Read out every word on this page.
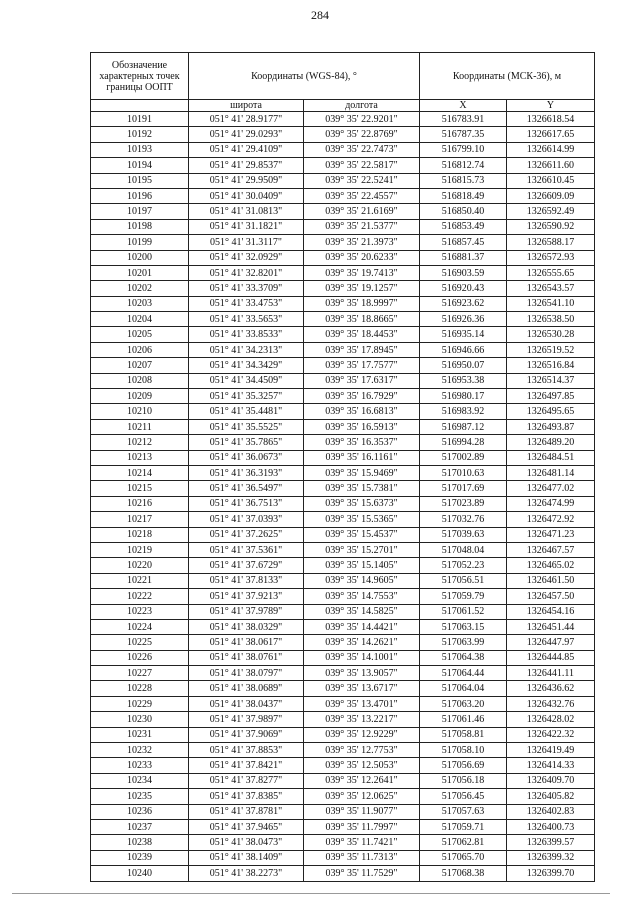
284
Обозначение характерных точек границы ООПТ	Координаты (WGS-84), °		Координаты (МСК-36), м	
	широта	долгота	X	Y
10191	051° 41' 28.9177"	039° 35' 22.9201"	516783.91	1326618.54
10192	051° 41' 29.0293"	039° 35' 22.8769"	516787.35	1326617.65
10193	051° 41' 29.4109"	039° 35' 22.7473"	516799.10	1326614.99
10194	051° 41' 29.8537"	039° 35' 22.5817"	516812.74	1326611.60
10195	051° 41' 29.9509"	039° 35' 22.5241"	516815.73	1326610.45
10196	051° 41' 30.0409"	039° 35' 22.4557"	516818.49	1326609.09
10197	051° 41' 31.0813"	039° 35' 21.6169"	516850.40	1326592.49
10198	051° 41' 31.1821"	039° 35' 21.5377"	516853.49	1326590.92
10199	051° 41' 31.3117"	039° 35' 21.3973"	516857.45	1326588.17
10200	051° 41' 32.0929"	039° 35' 20.6233"	516881.37	1326572.93
10201	051° 41' 32.8201"	039° 35' 19.7413"	516903.59	1326555.65
10202	051° 41' 33.3709"	039° 35' 19.1257"	516920.43	1326543.57
10203	051° 41' 33.4753"	039° 35' 18.9997"	516923.62	1326541.10
10204	051° 41' 33.5653"	039° 35' 18.8665"	516926.36	1326538.50
10205	051° 41' 33.8533"	039° 35' 18.4453"	516935.14	1326530.28
10206	051° 41' 34.2313"	039° 35' 17.8945"	516946.66	1326519.52
10207	051° 41' 34.3429"	039° 35' 17.7577"	516950.07	1326516.84
10208	051° 41' 34.4509"	039° 35' 17.6317"	516953.38	1326514.37
10209	051° 41' 35.3257"	039° 35' 16.7929"	516980.17	1326497.85
10210	051° 41' 35.4481"	039° 35' 16.6813"	516983.92	1326495.65
10211	051° 41' 35.5525"	039° 35' 16.5913"	516987.12	1326493.87
10212	051° 41' 35.7865"	039° 35' 16.3537"	516994.28	1326489.20
10213	051° 41' 36.0673"	039° 35' 16.1161"	517002.89	1326484.51
10214	051° 41' 36.3193"	039° 35' 15.9469"	517010.63	1326481.14
10215	051° 41' 36.5497"	039° 35' 15.7381"	517017.69	1326477.02
10216	051° 41' 36.7513"	039° 35' 15.6373"	517023.89	1326474.99
10217	051° 41' 37.0393"	039° 35' 15.5365"	517032.76	1326472.92
10218	051° 41' 37.2625"	039° 35' 15.4537"	517039.63	1326471.23
10219	051° 41' 37.5361"	039° 35' 15.2701"	517048.04	1326467.57
10220	051° 41' 37.6729"	039° 35' 15.1405"	517052.23	1326465.02
10221	051° 41' 37.8133"	039° 35' 14.9605"	517056.51	1326461.50
10222	051° 41' 37.9213"	039° 35' 14.7553"	517059.79	1326457.50
10223	051° 41' 37.9789"	039° 35' 14.5825"	517061.52	1326454.16
10224	051° 41' 38.0329"	039° 35' 14.4421"	517063.15	1326451.44
10225	051° 41' 38.0617"	039° 35' 14.2621"	517063.99	1326447.97
10226	051° 41' 38.0761"	039° 35' 14.1001"	517064.38	1326444.85
10227	051° 41' 38.0797"	039° 35' 13.9057"	517064.44	1326441.11
10228	051° 41' 38.0689"	039° 35' 13.6717"	517064.04	1326436.62
10229	051° 41' 38.0437"	039° 35' 13.4701"	517063.20	1326432.76
10230	051° 41' 37.9897"	039° 35' 13.2217"	517061.46	1326428.02
10231	051° 41' 37.9069"	039° 35' 12.9229"	517058.81	1326422.32
10232	051° 41' 37.8853"	039° 35' 12.7753"	517058.10	1326419.49
10233	051° 41' 37.8421"	039° 35' 12.5053"	517056.69	1326414.33
10234	051° 41' 37.8277"	039° 35' 12.2641"	517056.18	1326409.70
10235	051° 41' 37.8385"	039° 35' 12.0625"	517056.45	1326405.82
10236	051° 41' 37.8781"	039° 35' 11.9077"	517057.63	1326402.83
10237	051° 41' 37.9465"	039° 35' 11.7997"	517059.71	1326400.73
10238	051° 41' 38.0473"	039° 35' 11.7421"	517062.81	1326399.57
10239	051° 41' 38.1409"	039° 35' 11.7313"	517065.70	1326399.32
10240	051° 41' 38.2273"	039° 35' 11.7529"	517068.38	1326399.70
